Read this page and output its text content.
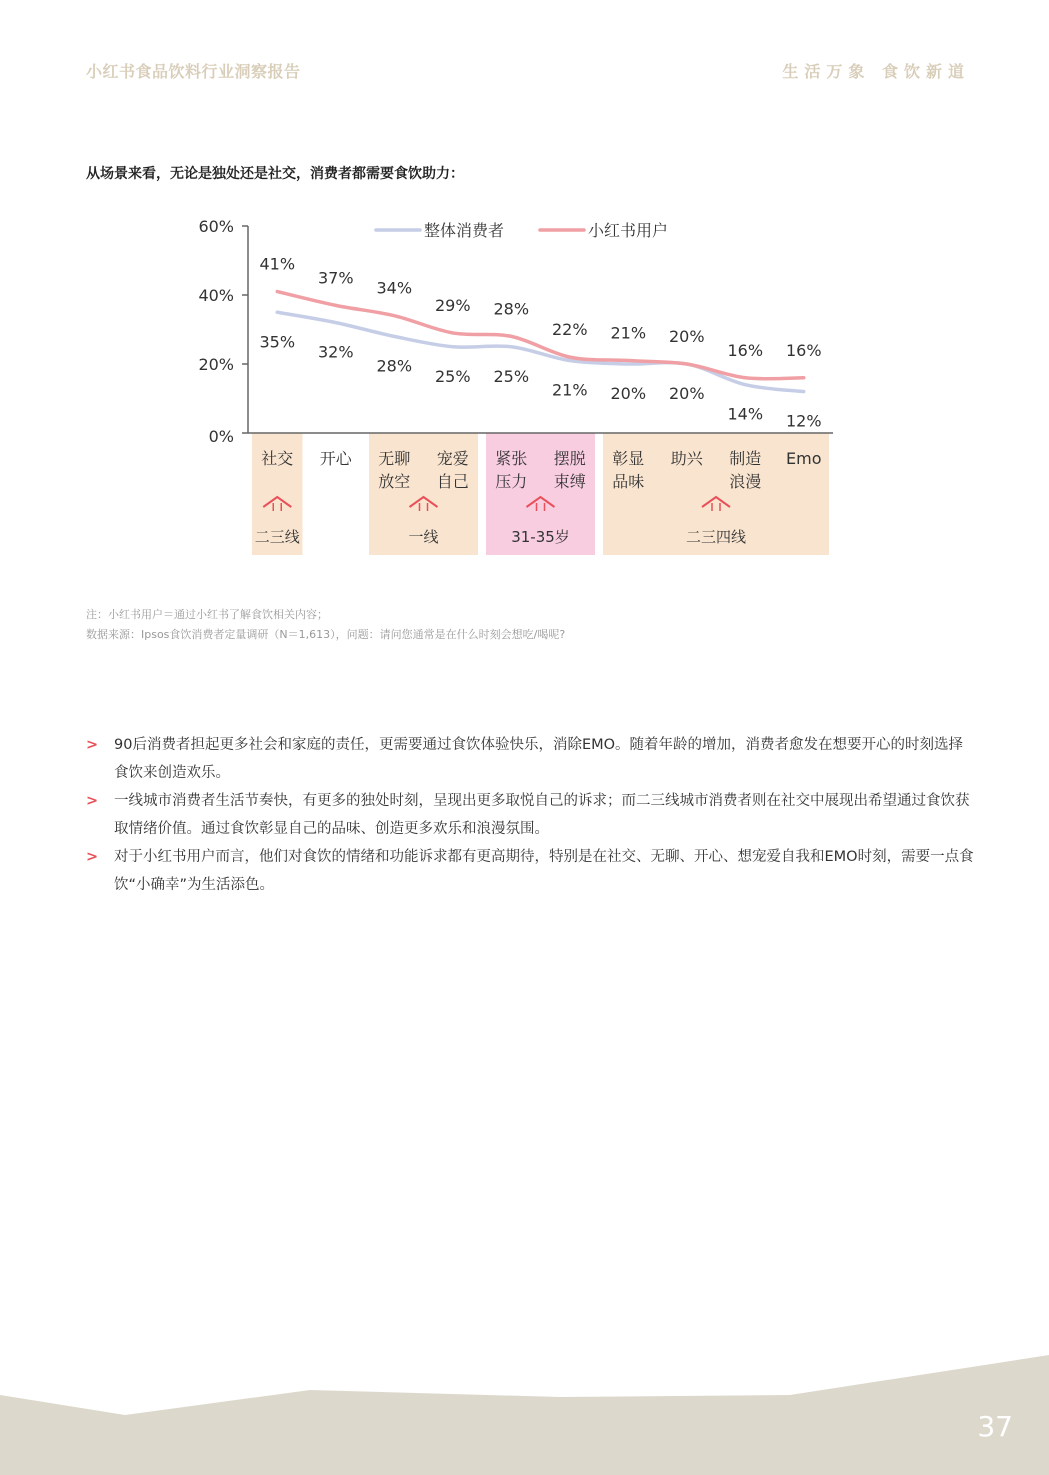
小红书食品饮料行业洞察报告	生活万象 食饮新道
从场景来看，无论是独处还是社交，消费者都需要食饮助力：
二三线	一线	31-35岁	二三四线
0%
20%
40%
60%
社交 开心 无聊
放空
宠爱
自己
紧张
压力
摆脱
束缚
彰显
品味
助兴 制造
浪漫
Emo
35%
32%
28%
25% 25%
21% 20% 20%
14% 12%
41%
37%
34%
29% 28%
22% 21% 20%
16% 16%
整体消费者	小红书用户
注：小红书用户＝通过小红书了解食饮相关内容；
数据来源：Ipsos食饮消费者定量调研（N＝1,613），问题：请问您通常是在什么时刻会想吃/喝呢?
> 90后消费者担起更多社会和家庭的责任，更需要通过食饮体验快乐，消除EMO。随着年龄的增加，消费者愈发在想要开心的时刻选择食饮来创造欢乐。
> 一线城市消费者生活节奏快，有更多的独处时刻，呈现出更多取悦自己的诉求；而二三线城市消费者则在社交中展现出希望通过食饮获取情绪价值。通过食饮彰显自己的品味、创造更多欢乐和浪漫氛围。
> 对于小红书用户而言，他们对食饮的情绪和功能诉求都有更高期待，特别是在社交、无聊、开心、想宠爱自我和EMO时刻，需要一点食饮“小确幸”为生活添色。
37
